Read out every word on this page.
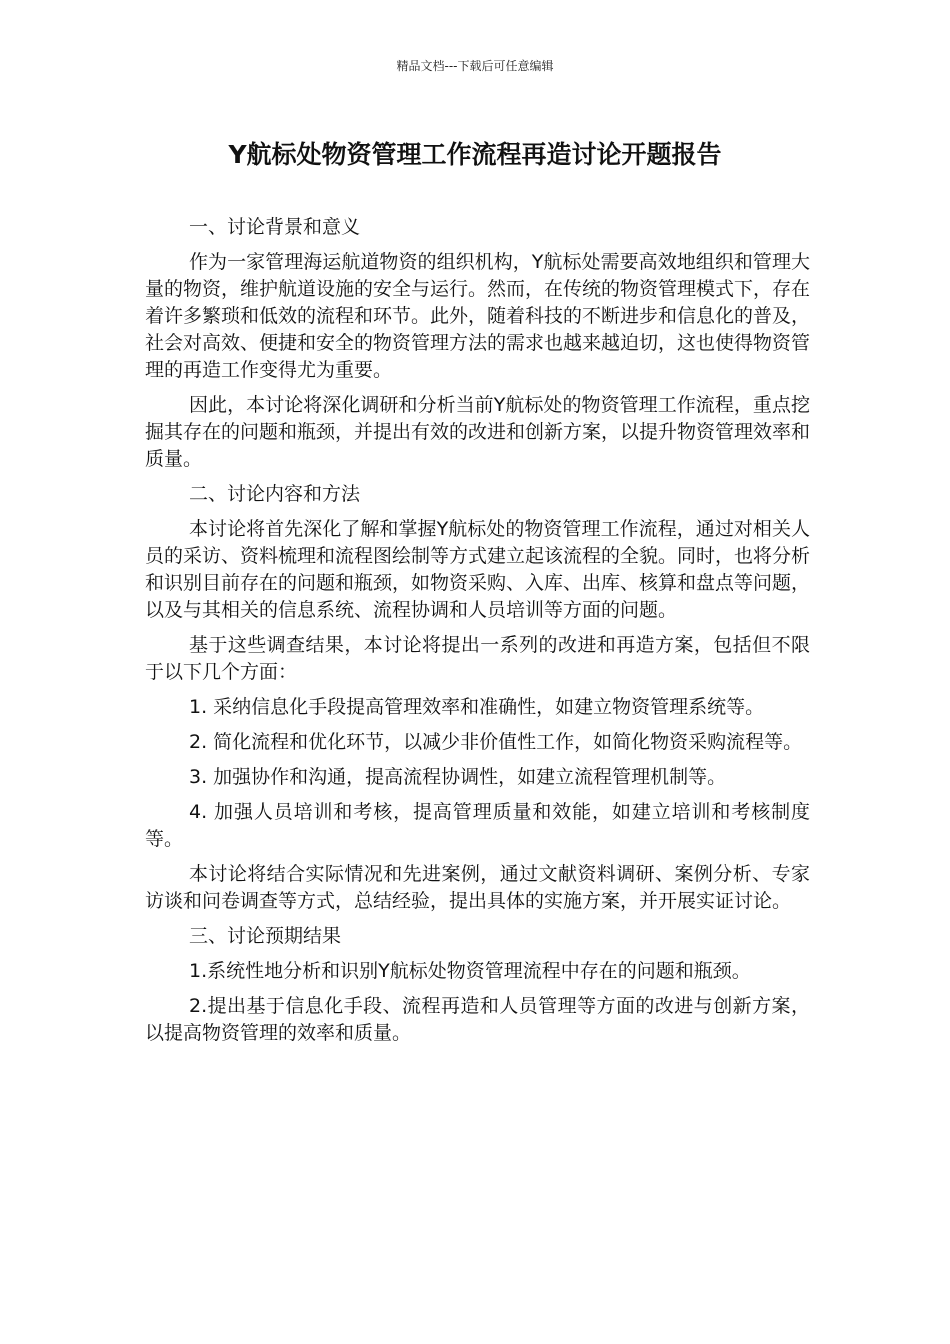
精品文档---下载后可任意编辑
Y航标处物资管理工作流程再造讨论开题报告

一、讨论背景和意义

作为一家管理海运航道物资的组织机构，Y航标处需要高效地组织和管理大量的物资，维护航道设施的安全与运行。然而，在传统的物资管理模式下，存在着许多繁琐和低效的流程和环节。此外，随着科技的不断进步和信息化的普及，社会对高效、便捷和安全的物资管理方法的需求也越来越迫切，这也使得物资管理的再造工作变得尤为重要。

因此，本讨论将深化调研和分析当前Y航标处的物资管理工作流程，重点挖掘其存在的问题和瓶颈，并提出有效的改进和创新方案，以提升物资管理效率和质量。

二、讨论内容和方法

本讨论将首先深化了解和掌握Y航标处的物资管理工作流程，通过对相关人员的采访、资料梳理和流程图绘制等方式建立起该流程的全貌。同时，也将分析和识别目前存在的问题和瓶颈，如物资采购、入库、出库、核算和盘点等问题，以及与其相关的信息系统、流程协调和人员培训等方面的问题。

基于这些调查结果，本讨论将提出一系列的改进和再造方案，包括但不限于以下几个方面：

1. 采纳信息化手段提高管理效率和准确性，如建立物资管理系统等。

2. 简化流程和优化环节，以减少非价值性工作，如简化物资采购流程等。

3. 加强协作和沟通，提高流程协调性，如建立流程管理机制等。

4. 加强人员培训和考核，提高管理质量和效能，如建立培训和考核制度等。

本讨论将结合实际情况和先进案例，通过文献资料调研、案例分析、专家访谈和问卷调查等方式，总结经验，提出具体的实施方案，并开展实证讨论。

三、讨论预期结果

1.系统性地分析和识别Y航标处物资管理流程中存在的问题和瓶颈。

2.提出基于信息化手段、流程再造和人员管理等方面的改进与创新方案，以提高物资管理的效率和质量。
